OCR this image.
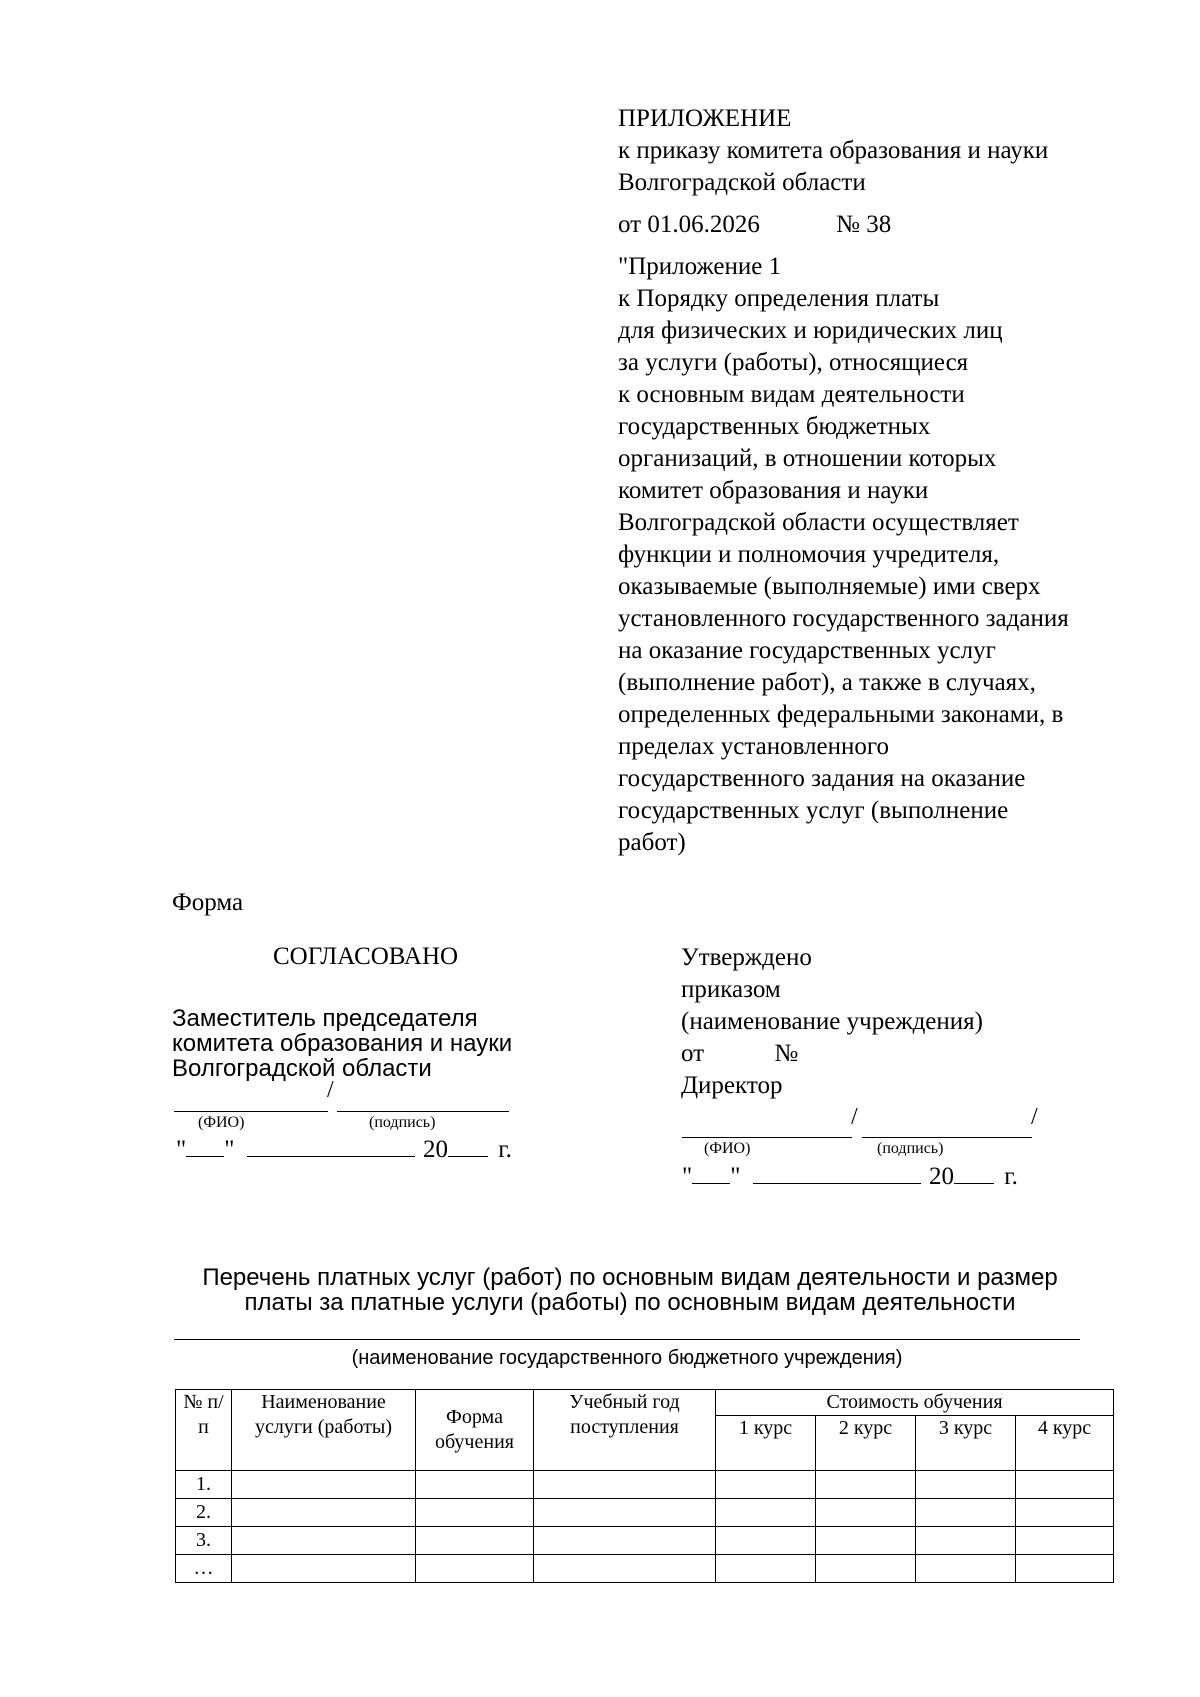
ПРИЛОЖЕНИЕ
к приказу комитета образования и науки
Волгоградской области
от 01.06.2026	№ 38
"Приложение 1
к Порядку определения платы
для физических и юридических лиц
за услуги (работы), относящиеся
к основным видам деятельности
государственных бюджетных
организаций, в отношении которых
комитет образования и науки
Волгоградской области осуществляет
функции и полномочия учредителя,
оказываемые (выполняемые) ими сверх
установленного государственного задания
на оказание государственных услуг
(выполнение работ), а также в случаях,
определенных федеральными законами, в
пределах установленного
государственного задания на оказание
государственных услуг (выполнение
работ)
Форма
СОГЛАСОВАНО
Заместитель председателя
комитета образования и науки
Волгоградской области
/
(ФИО)	(подпись)
" "	20 г.
Утверждено
приказом
(наименование учреждения)
от	№
Директор
/	/
(ФИО)	(подпись)
" "	20 г.
Перечень платных услуг (работ) по основным видам деятельности и размер
платы за платные услуги (работы) по основным видам деятельности
(наименование государственного бюджетного учреждения)
№ п/п	Наименование услуги (работы)	Форма обучения	Учебный год поступления	Стоимость обучения			
				1 курс	2 курс	3 курс	4 курс
1.							
2.							
3.							
…							
